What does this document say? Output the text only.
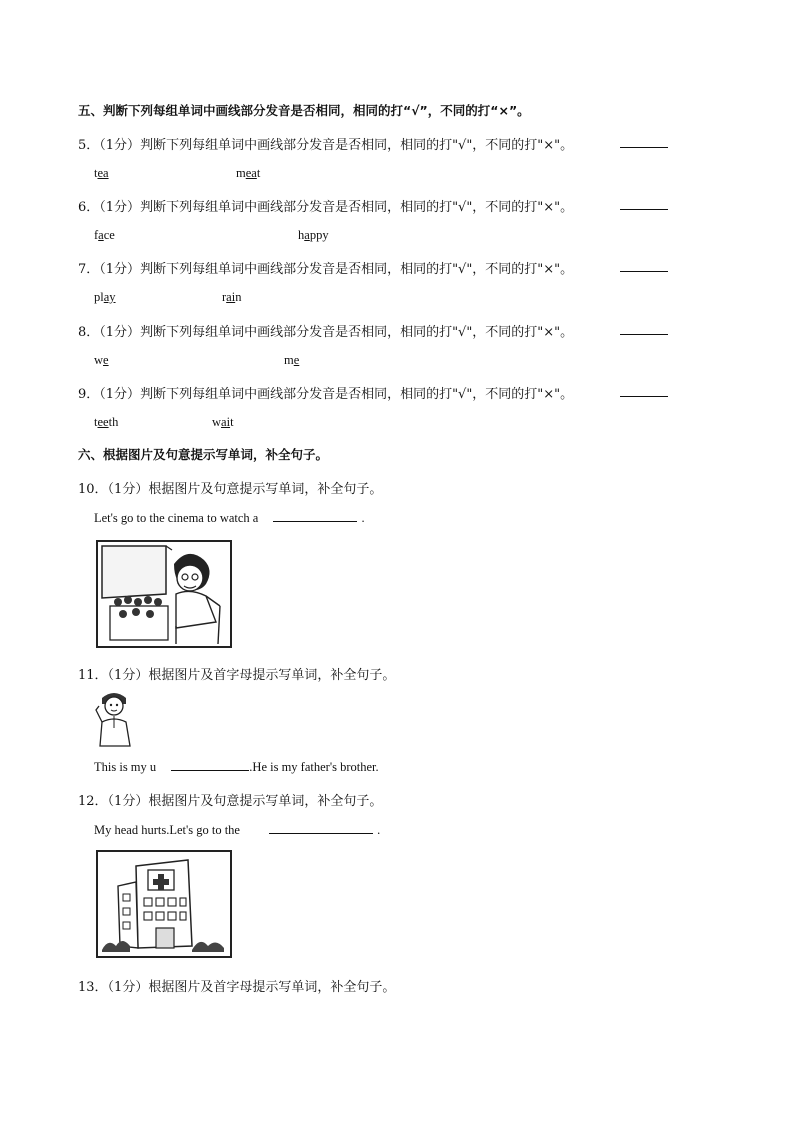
五、判断下列每组单词中画线部分发音是否相同，相同的打“√”，不同的打“×”。
5．（1分）判断下列每组单词中画线部分发音是否相同，相同的打"√"，不同的打"×"。
tea	meat
6．（1分）判断下列每组单词中画线部分发音是否相同，相同的打"√"，不同的打"×"。
face	happy
7．（1分）判断下列每组单词中画线部分发音是否相同，相同的打"√"，不同的打"×"。
play	rain
8．（1分）判断下列每组单词中画线部分发音是否相同，相同的打"√"，不同的打"×"。
we	me
9．（1分）判断下列每组单词中画线部分发音是否相同，相同的打"√"，不同的打"×"。
teeth	wait
六、根据图片及句意提示写单词，补全句子。
10．（1分）根据图片及句意提示写单词，补全句子。
Let's go to the cinema to watch a	.
11．（1分）根据图片及首字母提示写单词，补全句子。
This is my u	.He is my father's brother.
12．（1分）根据图片及句意提示写单词，补全句子。
My head hurts.Let's go to the	.
13．（1分）根据图片及首字母提示写单词，补全句子。
